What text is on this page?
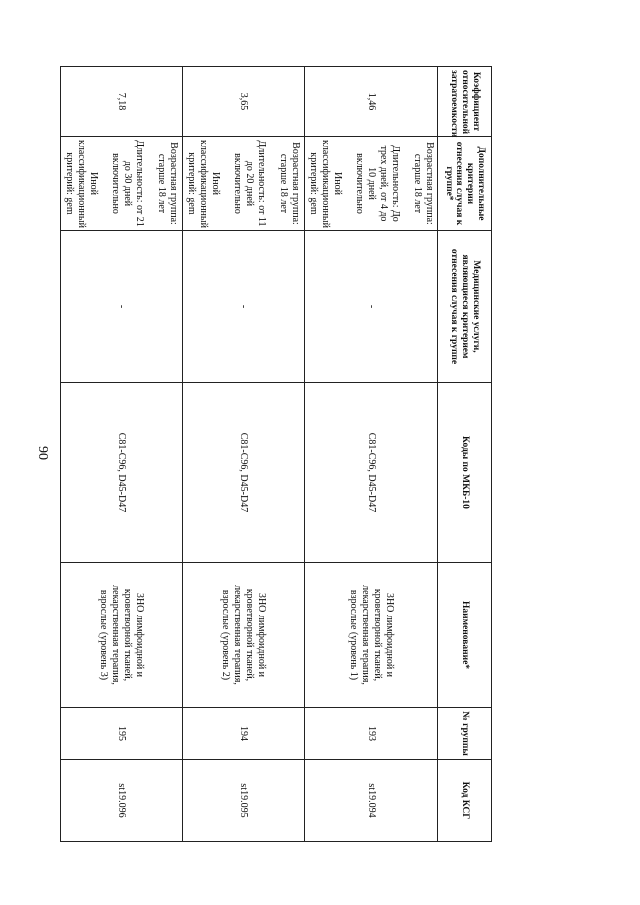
90
Коэффициент относительной затратоемкости	Дополнительные критерии отнесения случая к группе*	Медицинские услуги, являющиеся критерием отнесения случая к группе	Коды по МКБ-10	Наименование*	№ группы	Код КСГ
1,46	Возрастная группа: старше 18 лет
Длительность: До трех дней, от 4 до 10 дней включительно
Иной классификационный критерий: gem	-	C81-C96, D45-D47	ЗНО лимфоидной и кроветворной тканей, лекарственная терапия, взрослые (уровень 1)	193	st19.094
3,65	Возрастная группа: старше 18 лет
Длительность: от 11 до 20 дней включительно
Иной классификационный критерий: gem	-	C81-C96, D45-D47	ЗНО лимфоидной и кроветворной тканей, лекарственная терапия, взрослые (уровень 2)	194	st19.095
7,18	Возрастная группа: старше 18 лет
Длительность: от 21 до 30 дней включительно
Иной классификационный критерий: gem	-	C81-C96, D45-D47	ЗНО лимфоидной и кроветворной тканей, лекарственная терапия, взрослые (уровень 3)	195	st19.096
